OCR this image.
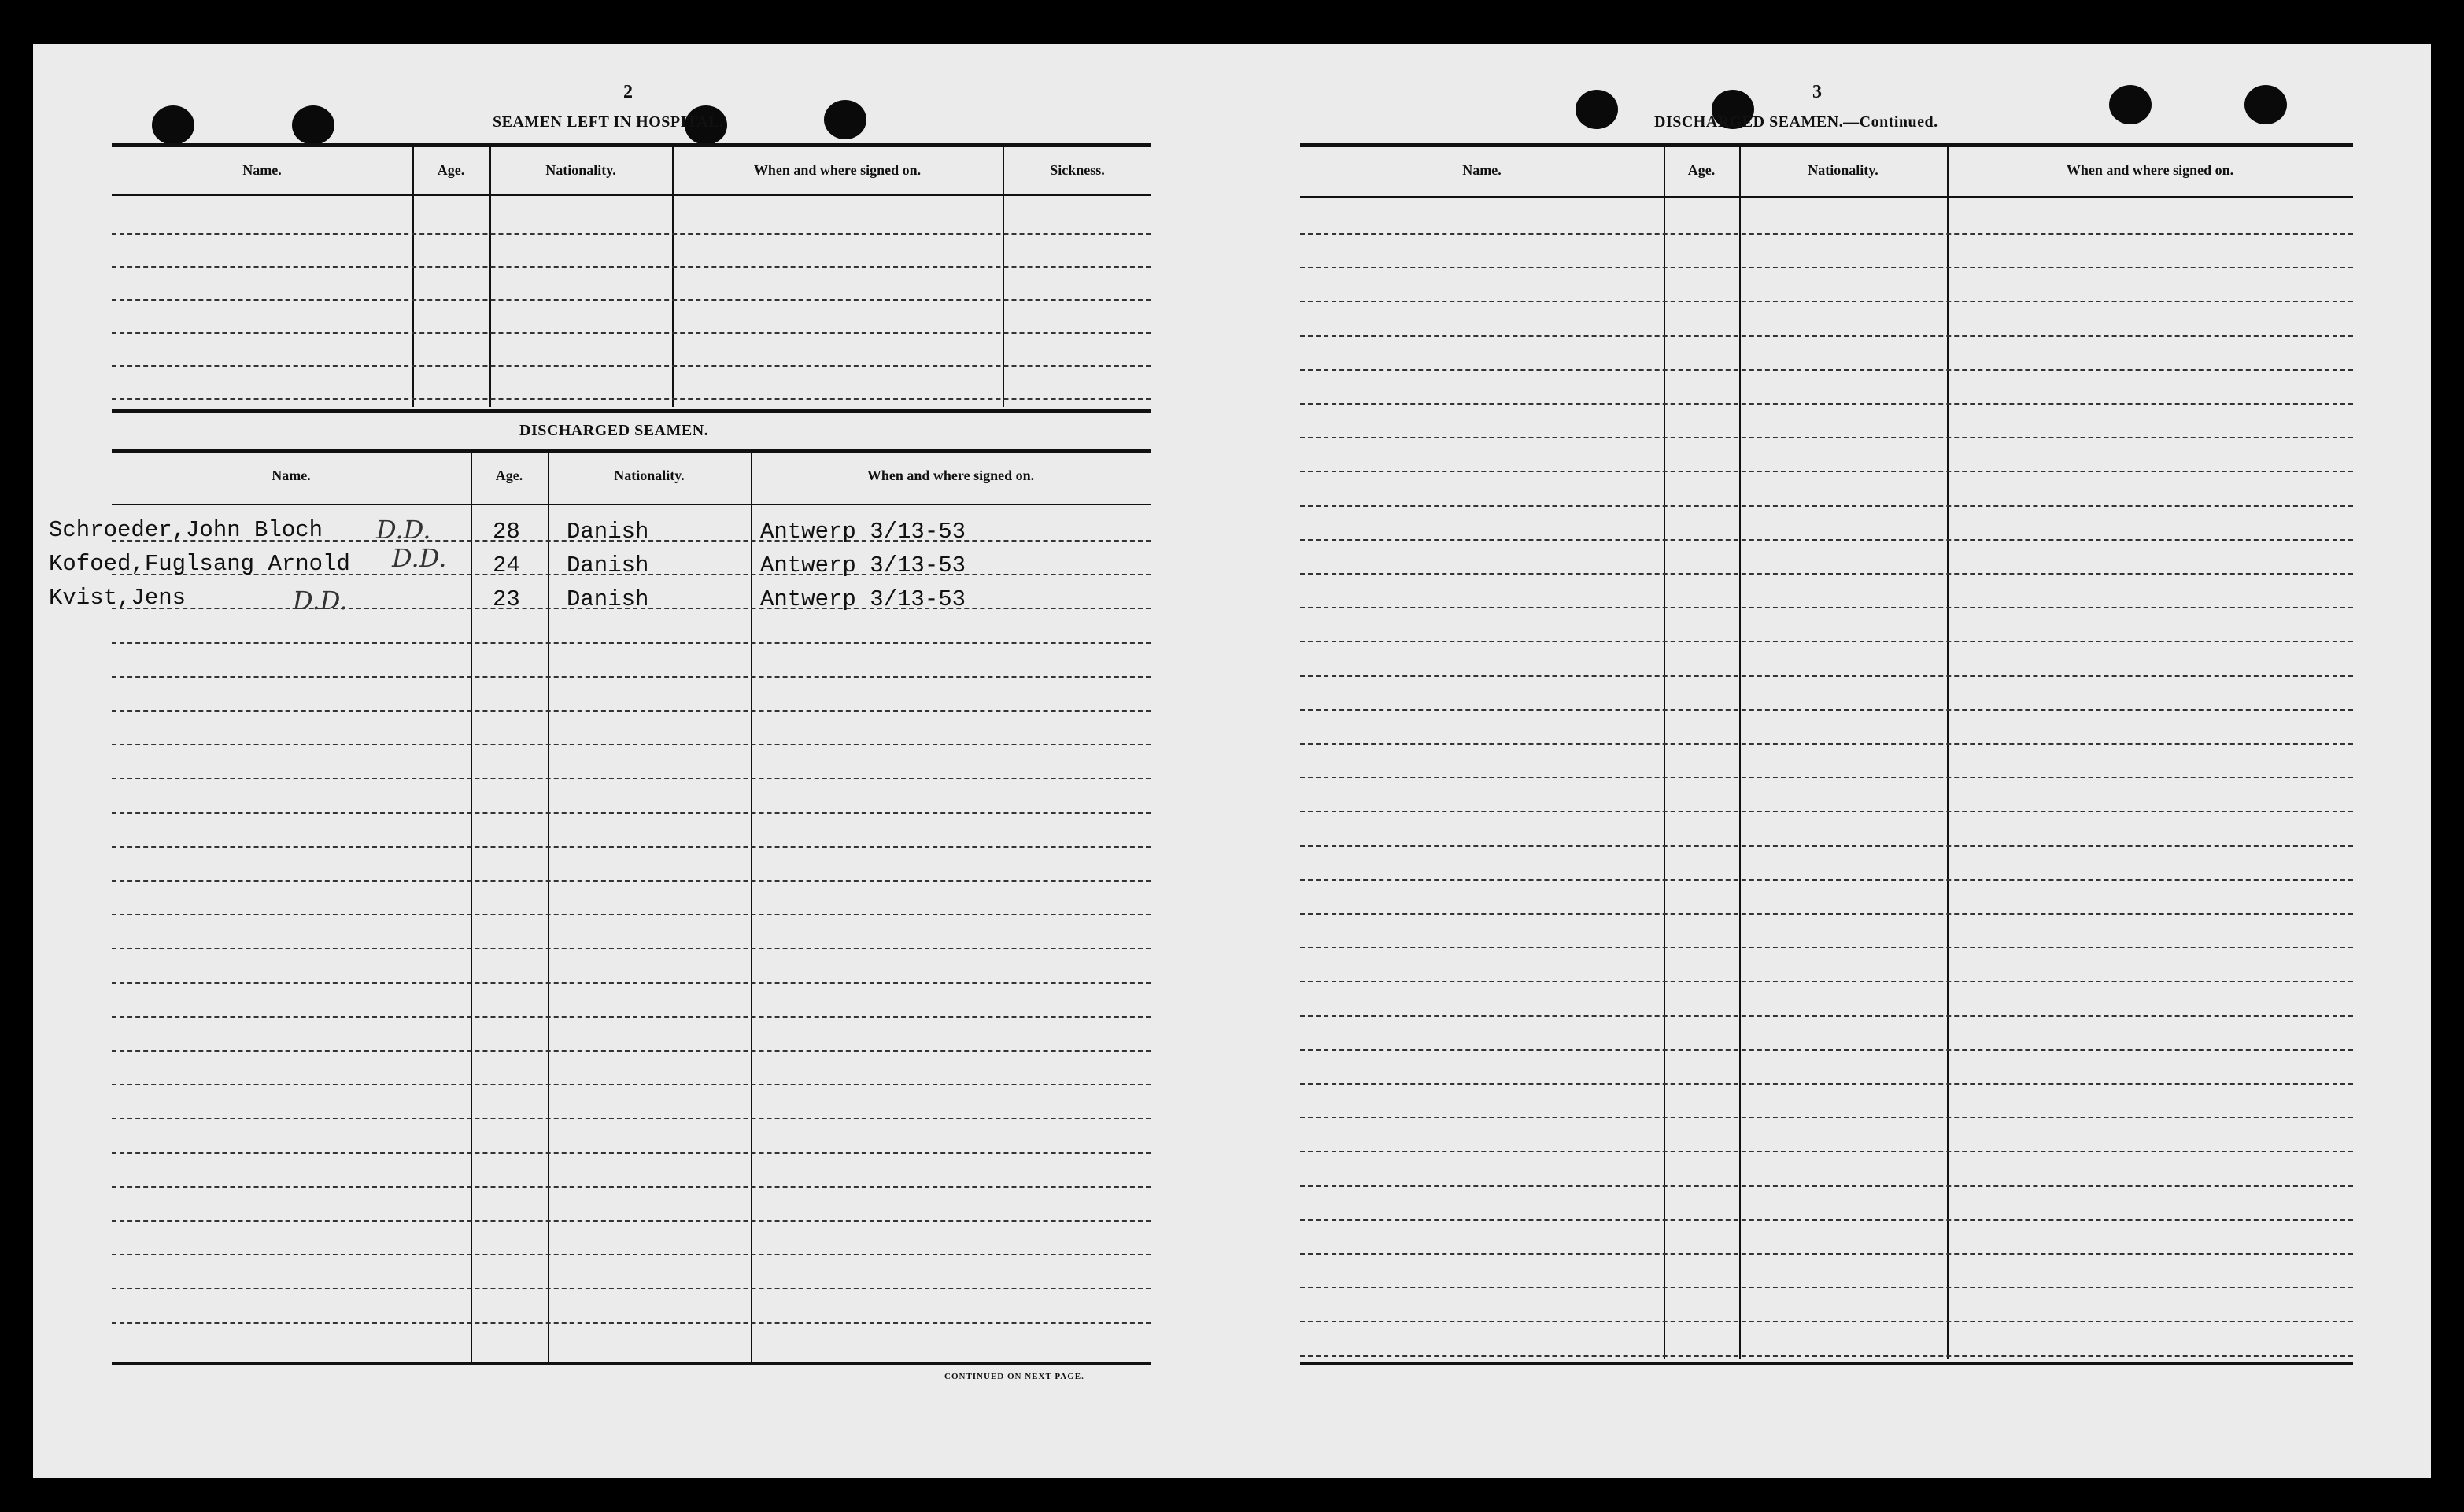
2
SEAMEN LEFT IN HOSPITAL.
Name.	Age.	Nationality.	When and where signed on.	Sickness.
DISCHARGED SEAMEN.
Name.	Age.	Nationality.	When and where signed on.
Schroeder,John Bloch D.D.	28 Danish	Antwerp 3/13-53
Kofoed,Fuglsang Arnold D.D. 24 Danish	Antwerp 3/13-53
Kvist,Jens	D.D.	23 Danish	Antwerp 3/13-53
CONTINUED ON NEXT PAGE.
3
DISCHARGED SEAMEN.—Continued.
Name.	Age.	Nationality.	When and where signed on.
